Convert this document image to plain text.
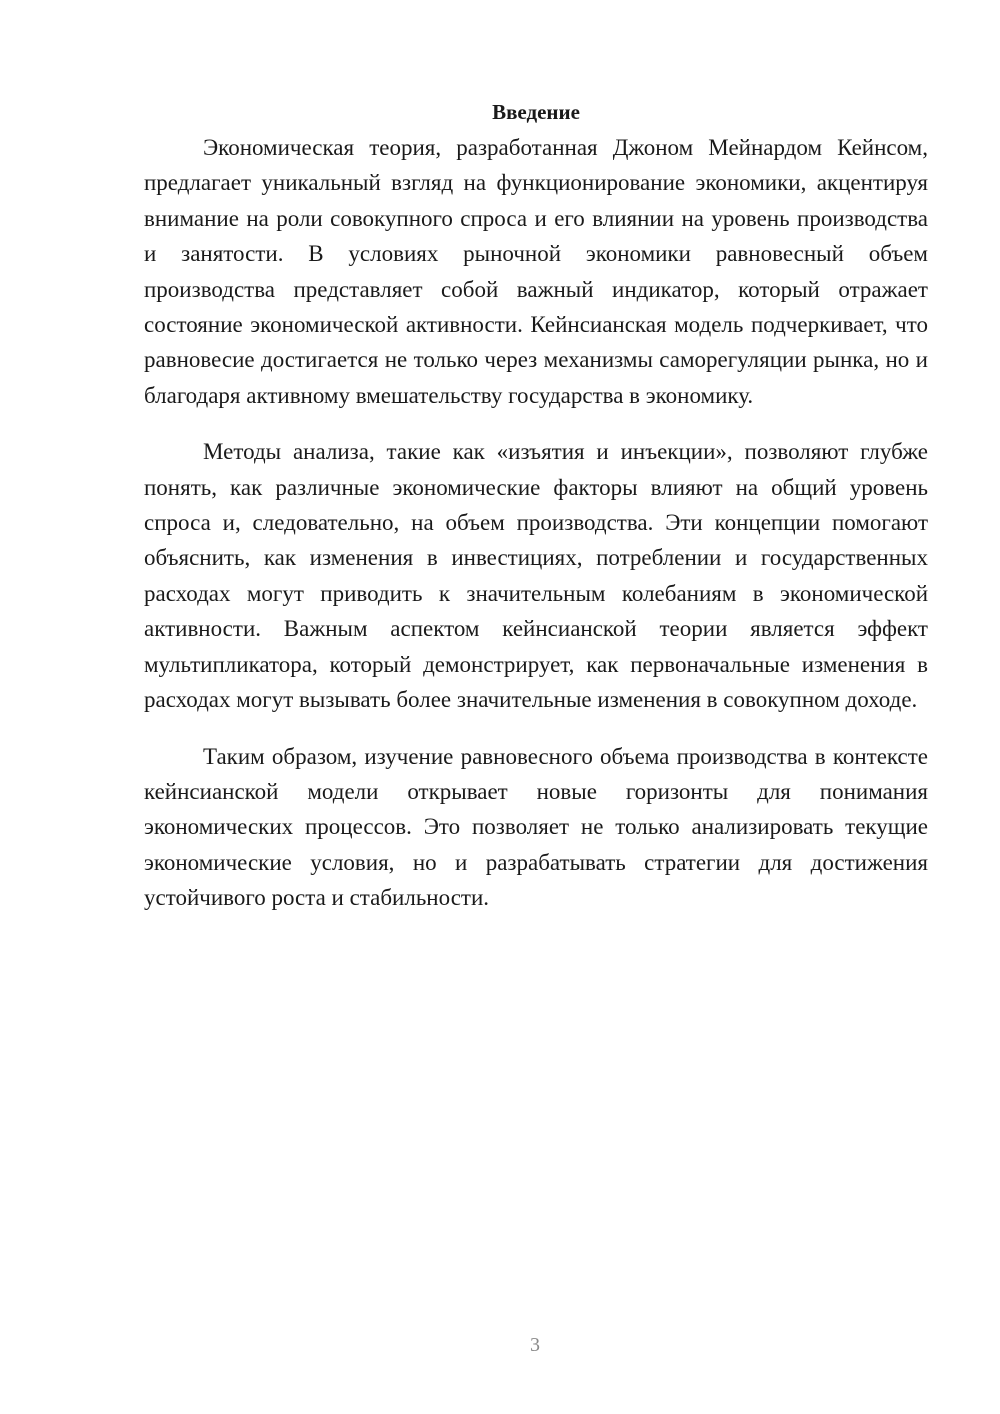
Введение

Экономическая теория, разработанная Джоном Мейнардом Кейнсом, предлагает уникальный взгляд на функционирование экономики, акцентируя внимание на роли совокупного спроса и его влиянии на уровень производства и занятости. В условиях рыночной экономики равновесный объем производства представляет собой важный индикатор, который отражает состояние экономической активности. Кейнсианская модель подчеркивает, что равновесие достигается не только через механизмы саморегуляции рынка, но и благодаря активному вмешательству государства в экономику.

Методы анализа, такие как «изъятия и инъекции», позволяют глубже понять, как различные экономические факторы влияют на общий уровень спроса и, следовательно, на объем производства. Эти концепции помогают объяснить, как изменения в инвестициях, потреблении и государственных расходах могут приводить к значительным колебаниям в экономической активности. Важным аспектом кейнсианской теории является эффект мультипликатора, который демонстрирует, как первоначальные изменения в расходах могут вызывать более значительные изменения в совокупном доходе.

Таким образом, изучение равновесного объема производства в контексте кейнсианской модели открывает новые горизонты для понимания экономических процессов. Это позволяет не только анализировать текущие экономические условия, но и разрабатывать стратегии для достижения устойчивого роста и стабильности.

3
